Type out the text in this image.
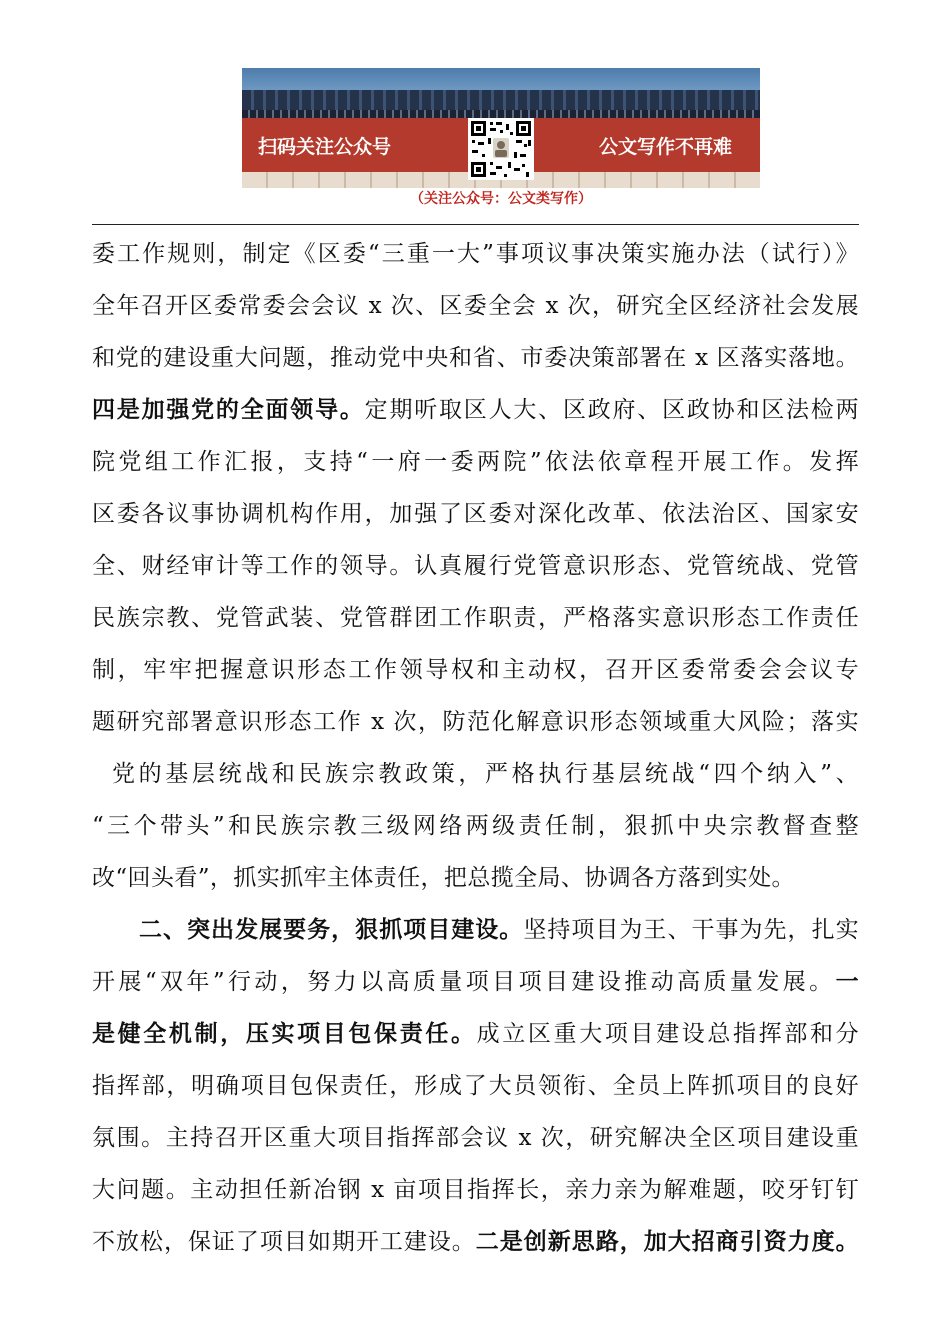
扫码关注公众号	公文写作不再难
（关注公众号：公文类写作）
委工作规则，制定《区委“三重一大”事项议事决策实施办法（试行）》
全年召开区委常委会会议 x 次、区委全会 x 次，研究全区经济社会发展
和党的建设重大问题，推动党中央和省、市委决策部署在 x 区落实落地。
四是加强党的全面领导。定期听取区人大、区政府、区政协和区法检两
院党组工作汇报，支持“一府一委两院”依法依章程开展工作。发挥
区委各议事协调机构作用，加强了区委对深化改革、依法治区、国家安
全、财经审计等工作的领导。认真履行党管意识形态、党管统战、党管
民族宗教、党管武装、党管群团工作职责，严格落实意识形态工作责任
制，牢牢把握意识形态工作领导权和主动权，召开区委常委会会议专
题研究部署意识形态工作 x 次，防范化解意识形态领域重大风险；落实
党的基层统战和民族宗教政策，严格执行基层统战“四个纳入”、
“三个带头”和民族宗教三级网络两级责任制，狠抓中央宗教督查整
改“回头看”，抓实抓牢主体责任，把总揽全局、协调各方落到实处。
二、突出发展要务，狠抓项目建设。坚持项目为王、干事为先，扎实
开展“双年”行动，努力以高质量项目项目建设推动高质量发展。一
是健全机制，压实项目包保责任。成立区重大项目建设总指挥部和分
指挥部，明确项目包保责任，形成了大员领衔、全员上阵抓项目的良好
氛围。主持召开区重大项目指挥部会议 x 次，研究解决全区项目建设重
大问题。主动担任新冶钢 x 亩项目指挥长，亲力亲为解难题，咬牙钉钉
不放松，保证了项目如期开工建设。二是创新思路，加大招商引资力度。
